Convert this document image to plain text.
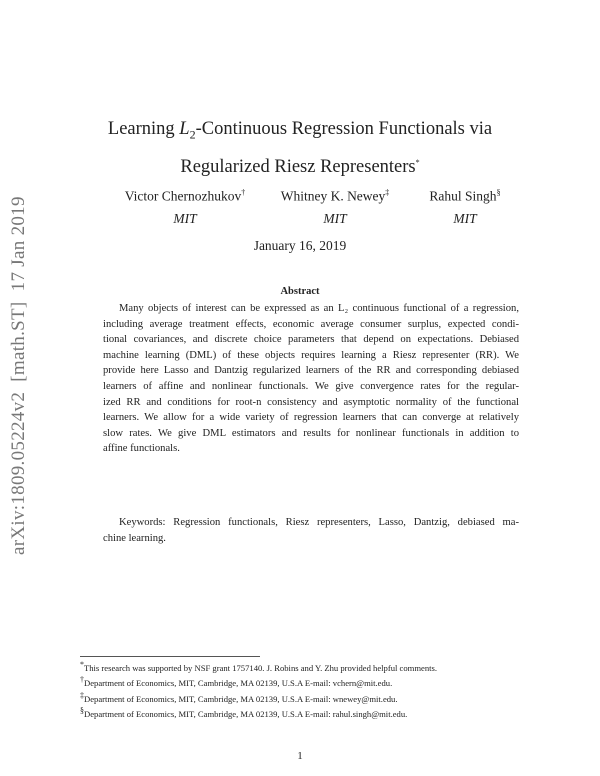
arXiv:1809.05224v2  [math.ST]  17 Jan 2019
Learning $L_2$-Continuous Regression Functionals via
Regularized Riesz Representers*
Victor Chernozhukov†
MIT
Whitney K. Newey‡
MIT
Rahul Singh§
MIT
January 16, 2019
Abstract
Many objects of interest can be expressed as an L₂ continuous functional of a regression,
including average treatment effects, economic average consumer surplus, expected condi-
tional covariances, and discrete choice parameters that depend on expectations. Debiased
machine learning (DML) of these objects requires learning a Riesz representer (RR). We
provide here Lasso and Dantzig regularized learners of the RR and corresponding debiased
learners of affine and nonlinear functionals. We give convergence rates for the regular-
ized RR and conditions for root-n consistency and asymptotic normality of the functional
learners. We allow for a wide variety of regression learners that can converge at relatively
slow rates. We give DML estimators and results for nonlinear functionals in addition to
affine functionals.
Keywords: Regression functionals, Riesz representers, Lasso, Dantzig, debiased ma-
chine learning.
*This research was supported by NSF grant 1757140. J. Robins and Y. Zhu provided helpful comments.
†Department of Economics, MIT, Cambridge, MA 02139, U.S.A E-mail: vchern@mit.edu.
‡Department of Economics, MIT, Cambridge, MA 02139, U.S.A E-mail: wnewey@mit.edu.
§Department of Economics, MIT, Cambridge, MA 02139, U.S.A E-mail: rahul.singh@mit.edu.
1
